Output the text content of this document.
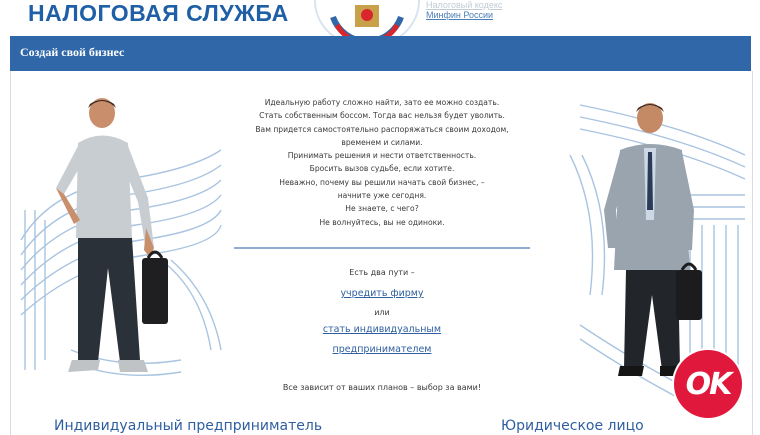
НАЛОГОВАЯ СЛУЖБА	Налоговый кодекс
Минфин России
Создай свой бизнес
Идеальную работу сложно найти, зато ее можно создать.
Стать собственным боссом. Тогда вас нельзя будет уволить.
Вам придется самостоятельно распоряжаться своим доходом,
временем и силами.
Принимать решения и нести ответственность.
Бросить вызов судьбе, если хотите.
Неважно, почему вы решили начать свой бизнес, –
начните уже сегодня.
Не знаете, с чего?
Не волнуйтесь, вы не одиноки.
Есть два пути –
учредить фирму
или
стать индивидуальным
предпринимателем
Все зависит от ваших планов – выбор за вами!
Индивидуальный предприниматель	Юридическое лицо
OK
